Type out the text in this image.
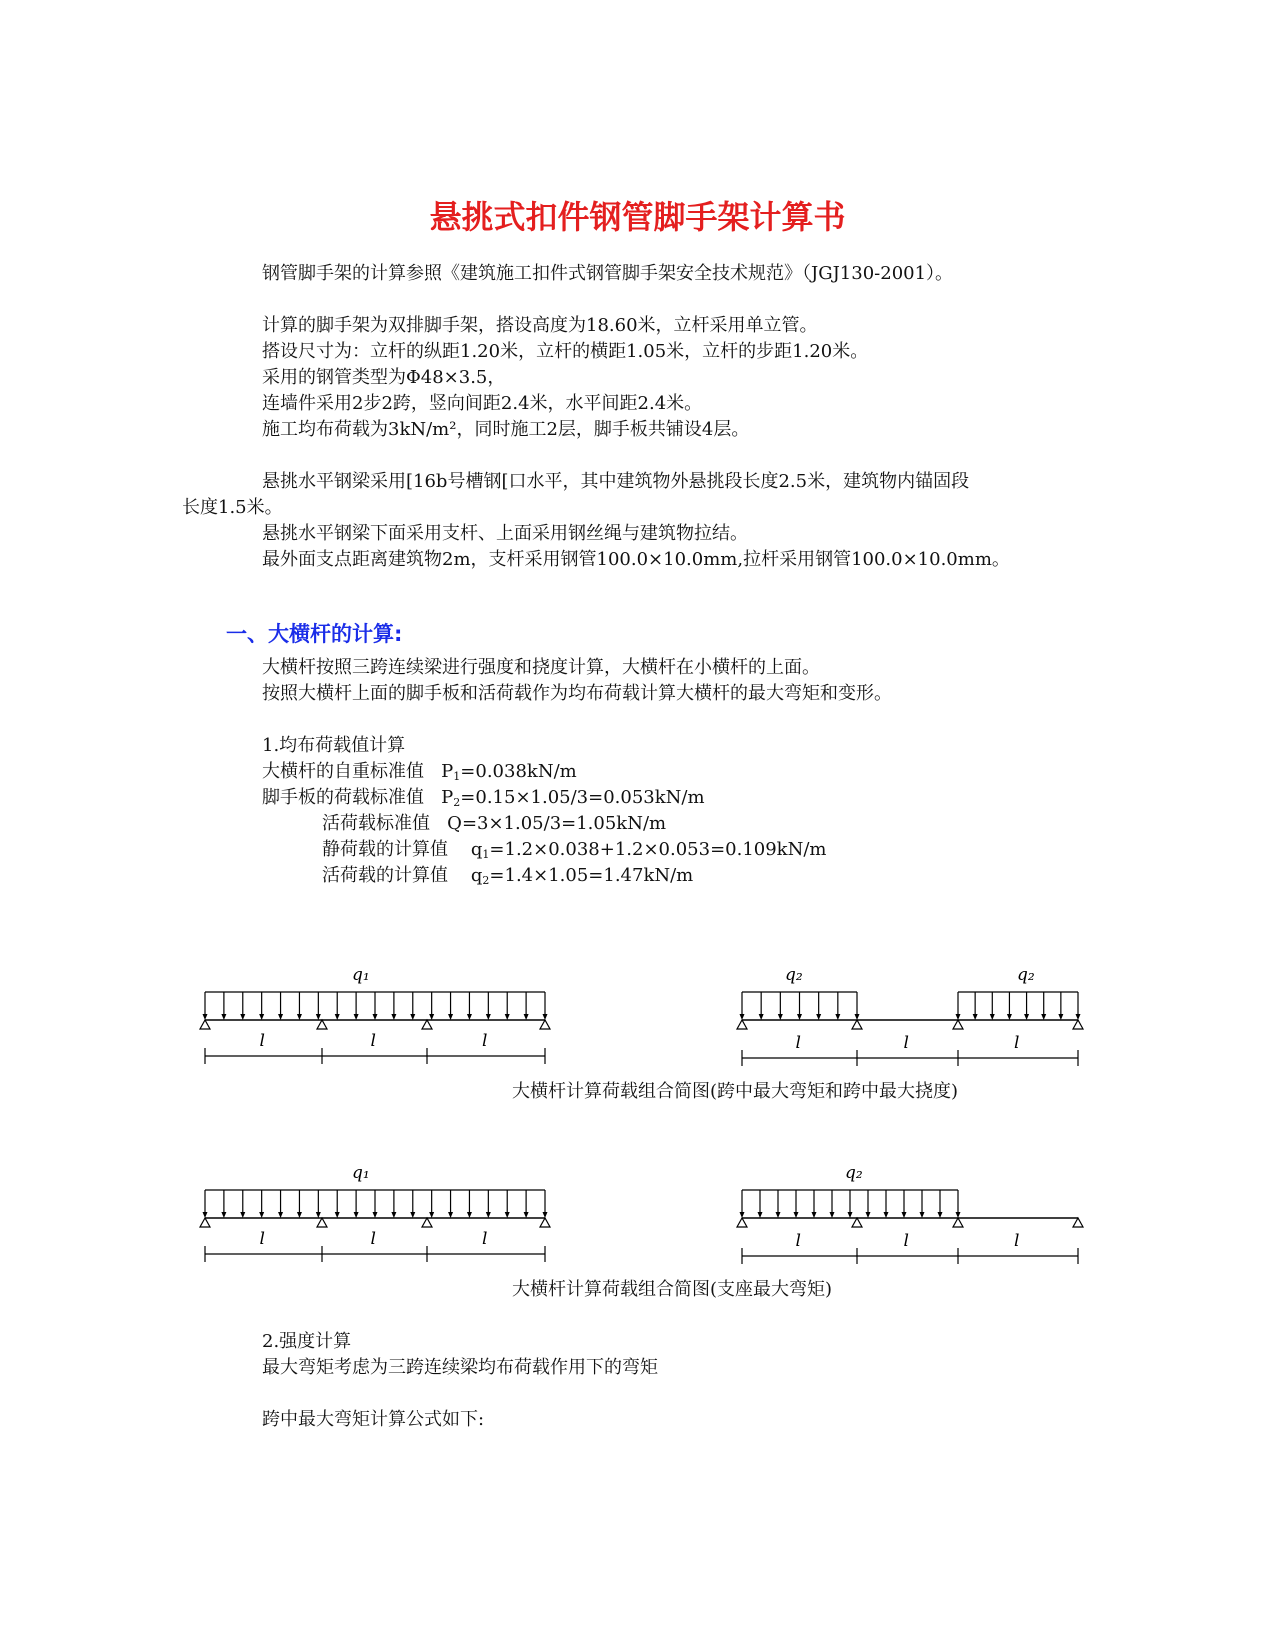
悬挑式扣件钢管脚手架计算书
钢管脚手架的计算参照《建筑施工扣件式钢管脚手架安全技术规范》（JGJ130-2001）。
计算的脚手架为双排脚手架，搭设高度为18.60米，立杆采用单立管。
搭设尺寸为：立杆的纵距1.20米，立杆的横距1.05米，立杆的步距1.20米。
采用的钢管类型为Φ48×3.5，
连墙件采用2步2跨，竖向间距2.4米，水平间距2.4米。
施工均布荷载为3kN/m²，同时施工2层，脚手板共铺设4层。
悬挑水平钢梁采用[16b号槽钢[口水平，其中建筑物外悬挑段长度2.5米，建筑物内锚固段
长度1.5米。
悬挑水平钢梁下面采用支杆、上面采用钢丝绳与建筑物拉结。
最外面支点距离建筑物2m，支杆采用钢管100.0×10.0mm,拉杆采用钢管100.0×10.0mm。
一、大横杆的计算:
大横杆按照三跨连续梁进行强度和挠度计算，大横杆在小横杆的上面。
按照大横杆上面的脚手板和活荷载作为均布荷载计算大横杆的最大弯矩和变形。
1.均布荷载值计算
大横杆的自重标准值 $P_1=0.038kN/m$
脚手板的荷载标准值 $P_2=0.15\times 1.05/3=0.053kN/m$
活荷载标准值 Q=3×1.05/3=1.05kN/m
静荷载的计算值 $q_1=1.2\times 0.038+1.2\times 0.053=0.109kN/m$
活荷载的计算值 $q_2=1.4\times 1.05=1.47kN/m$
q₁
l	l	l
q₂	q₂
l	l	l
q₁
l	l	l
q₂
l	l	l
大横杆计算荷载组合简图(跨中最大弯矩和跨中最大挠度)
大横杆计算荷载组合简图(支座最大弯矩)
2.强度计算
最大弯矩考虑为三跨连续梁均布荷载作用下的弯矩
跨中最大弯矩计算公式如下:
